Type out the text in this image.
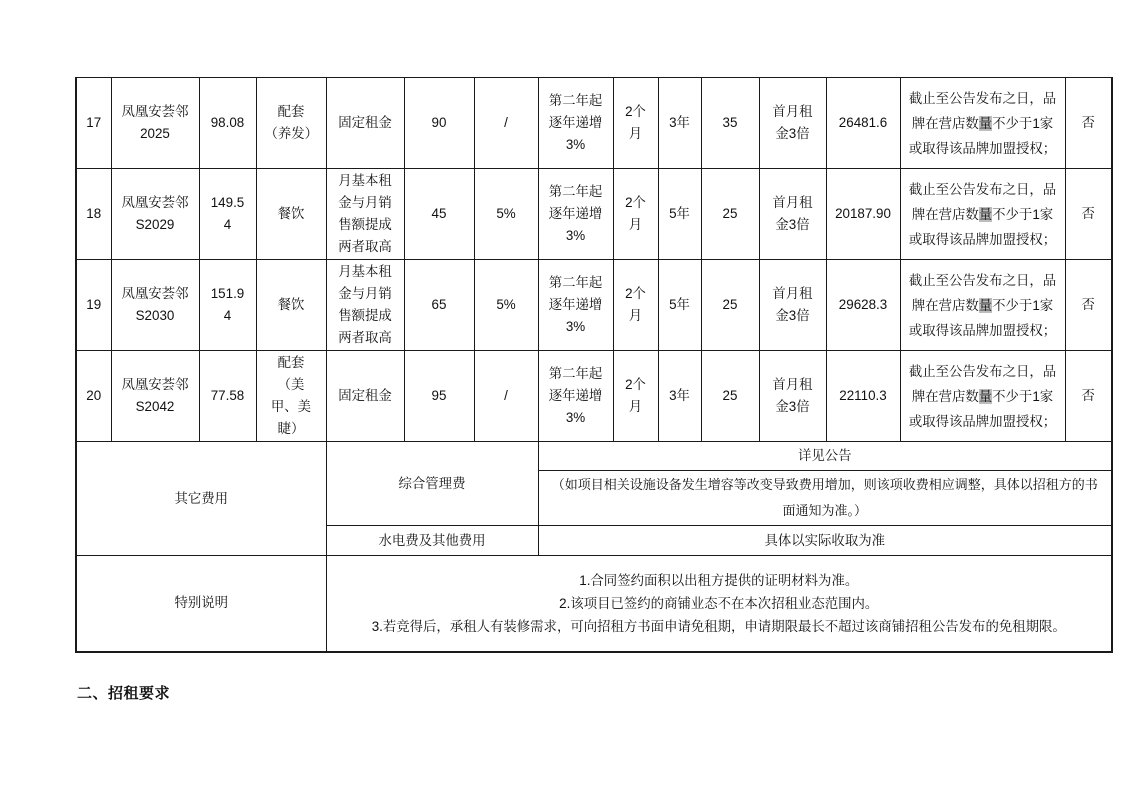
17	凤凰安荟邻 2025	98.08	配套（养发）	固定租金	90	/	第二年起逐年递增3%	2个月	3年	35	首月租金3倍	26481.6	截止至公告发布之日，品牌在营店数量不少于1家或取得该品牌加盟授权；	否
18	凤凰安荟邻 S2029	149.54	餐饮	月基本租金与月销售额提成两者取高	45	5%	第二年起逐年递增3%	2个月	5年	25	首月租金3倍	20187.90	截止至公告发布之日，品牌在营店数量不少于1家或取得该品牌加盟授权；	否
19	凤凰安荟邻 S2030	151.94	餐饮	月基本租金与月销售额提成两者取高	65	5%	第二年起逐年递增3%	2个月	5年	25	首月租金3倍	29628.3	截止至公告发布之日，品牌在营店数量不少于1家或取得该品牌加盟授权；	否
20	凤凰安荟邻 S2042	77.58	配套（美甲、美睫）	固定租金	95	/	第二年起逐年递增3%	2个月	3年	25	首月租金3倍	22110.3	截止至公告发布之日，品牌在营店数量不少于1家或取得该品牌加盟授权；	否
其它费用				综合管理费			详见公告							
							（如项目相关设施设备发生增容等改变导致费用增加，则该项收费相应调整，具体以招租方的书面通知为准。）							
				水电费及其他费用			具体以实际收取为准							
特别说明				1.合同签约面积以出租方提供的证明材料为准。
2.该项目已签约的商铺业态不在本次招租业态范围内。
3.若竞得后，承租人有装修需求，可向招租方书面申请免租期，申请期限最长不超过该商铺招租公告发布的免租期限。										
二、招租要求
